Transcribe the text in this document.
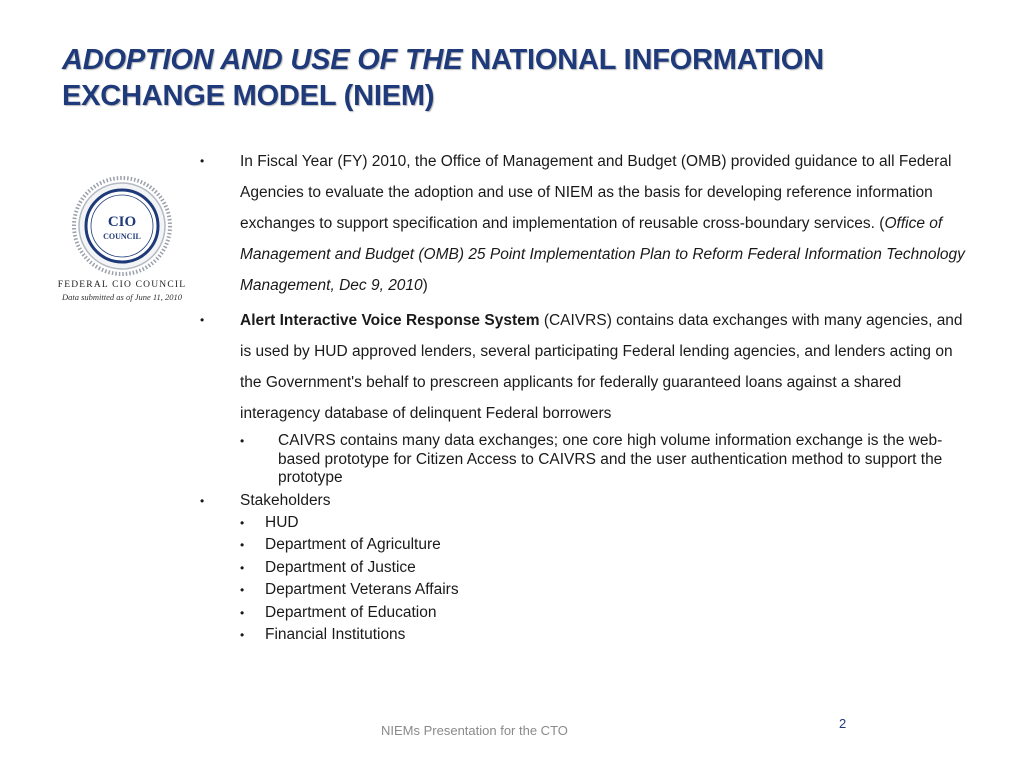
ADOPTION AND USE OF THE NATIONAL INFORMATION EXCHANGE MODEL (NIEM)
CIO
COUNCIL
FEDERAL CIO COUNCIL
Data submitted as of June 11, 2010
•	In Fiscal Year (FY) 2010, the Office of Management and Budget (OMB) provided guidance to all Federal Agencies to evaluate the adoption and use of NIEM as the basis for developing reference information exchanges to support specification and implementation of reusable cross-boundary services. (Office of Management and Budget (OMB) 25 Point Implementation Plan to Reform Federal Information Technology Management, Dec 9, 2010)
•	Alert Interactive Voice Response System (CAIVRS) contains data exchanges with many agencies, and is used by HUD approved lenders, several participating Federal lending agencies, and lenders acting on the Government's behalf to prescreen applicants for federally guaranteed loans against a shared interagency database of delinquent Federal borrowers
• CAIVRS contains many data exchanges; one core high volume information exchange is the web-based prototype for Citizen Access to CAIVRS and the user authentication method to support the prototype
•	Stakeholders
• HUD
• Department of Agriculture
• Department of Justice
• Department Veterans Affairs
• Department of Education
• Financial Institutions
2
NIEMs Presentation for the CTO
